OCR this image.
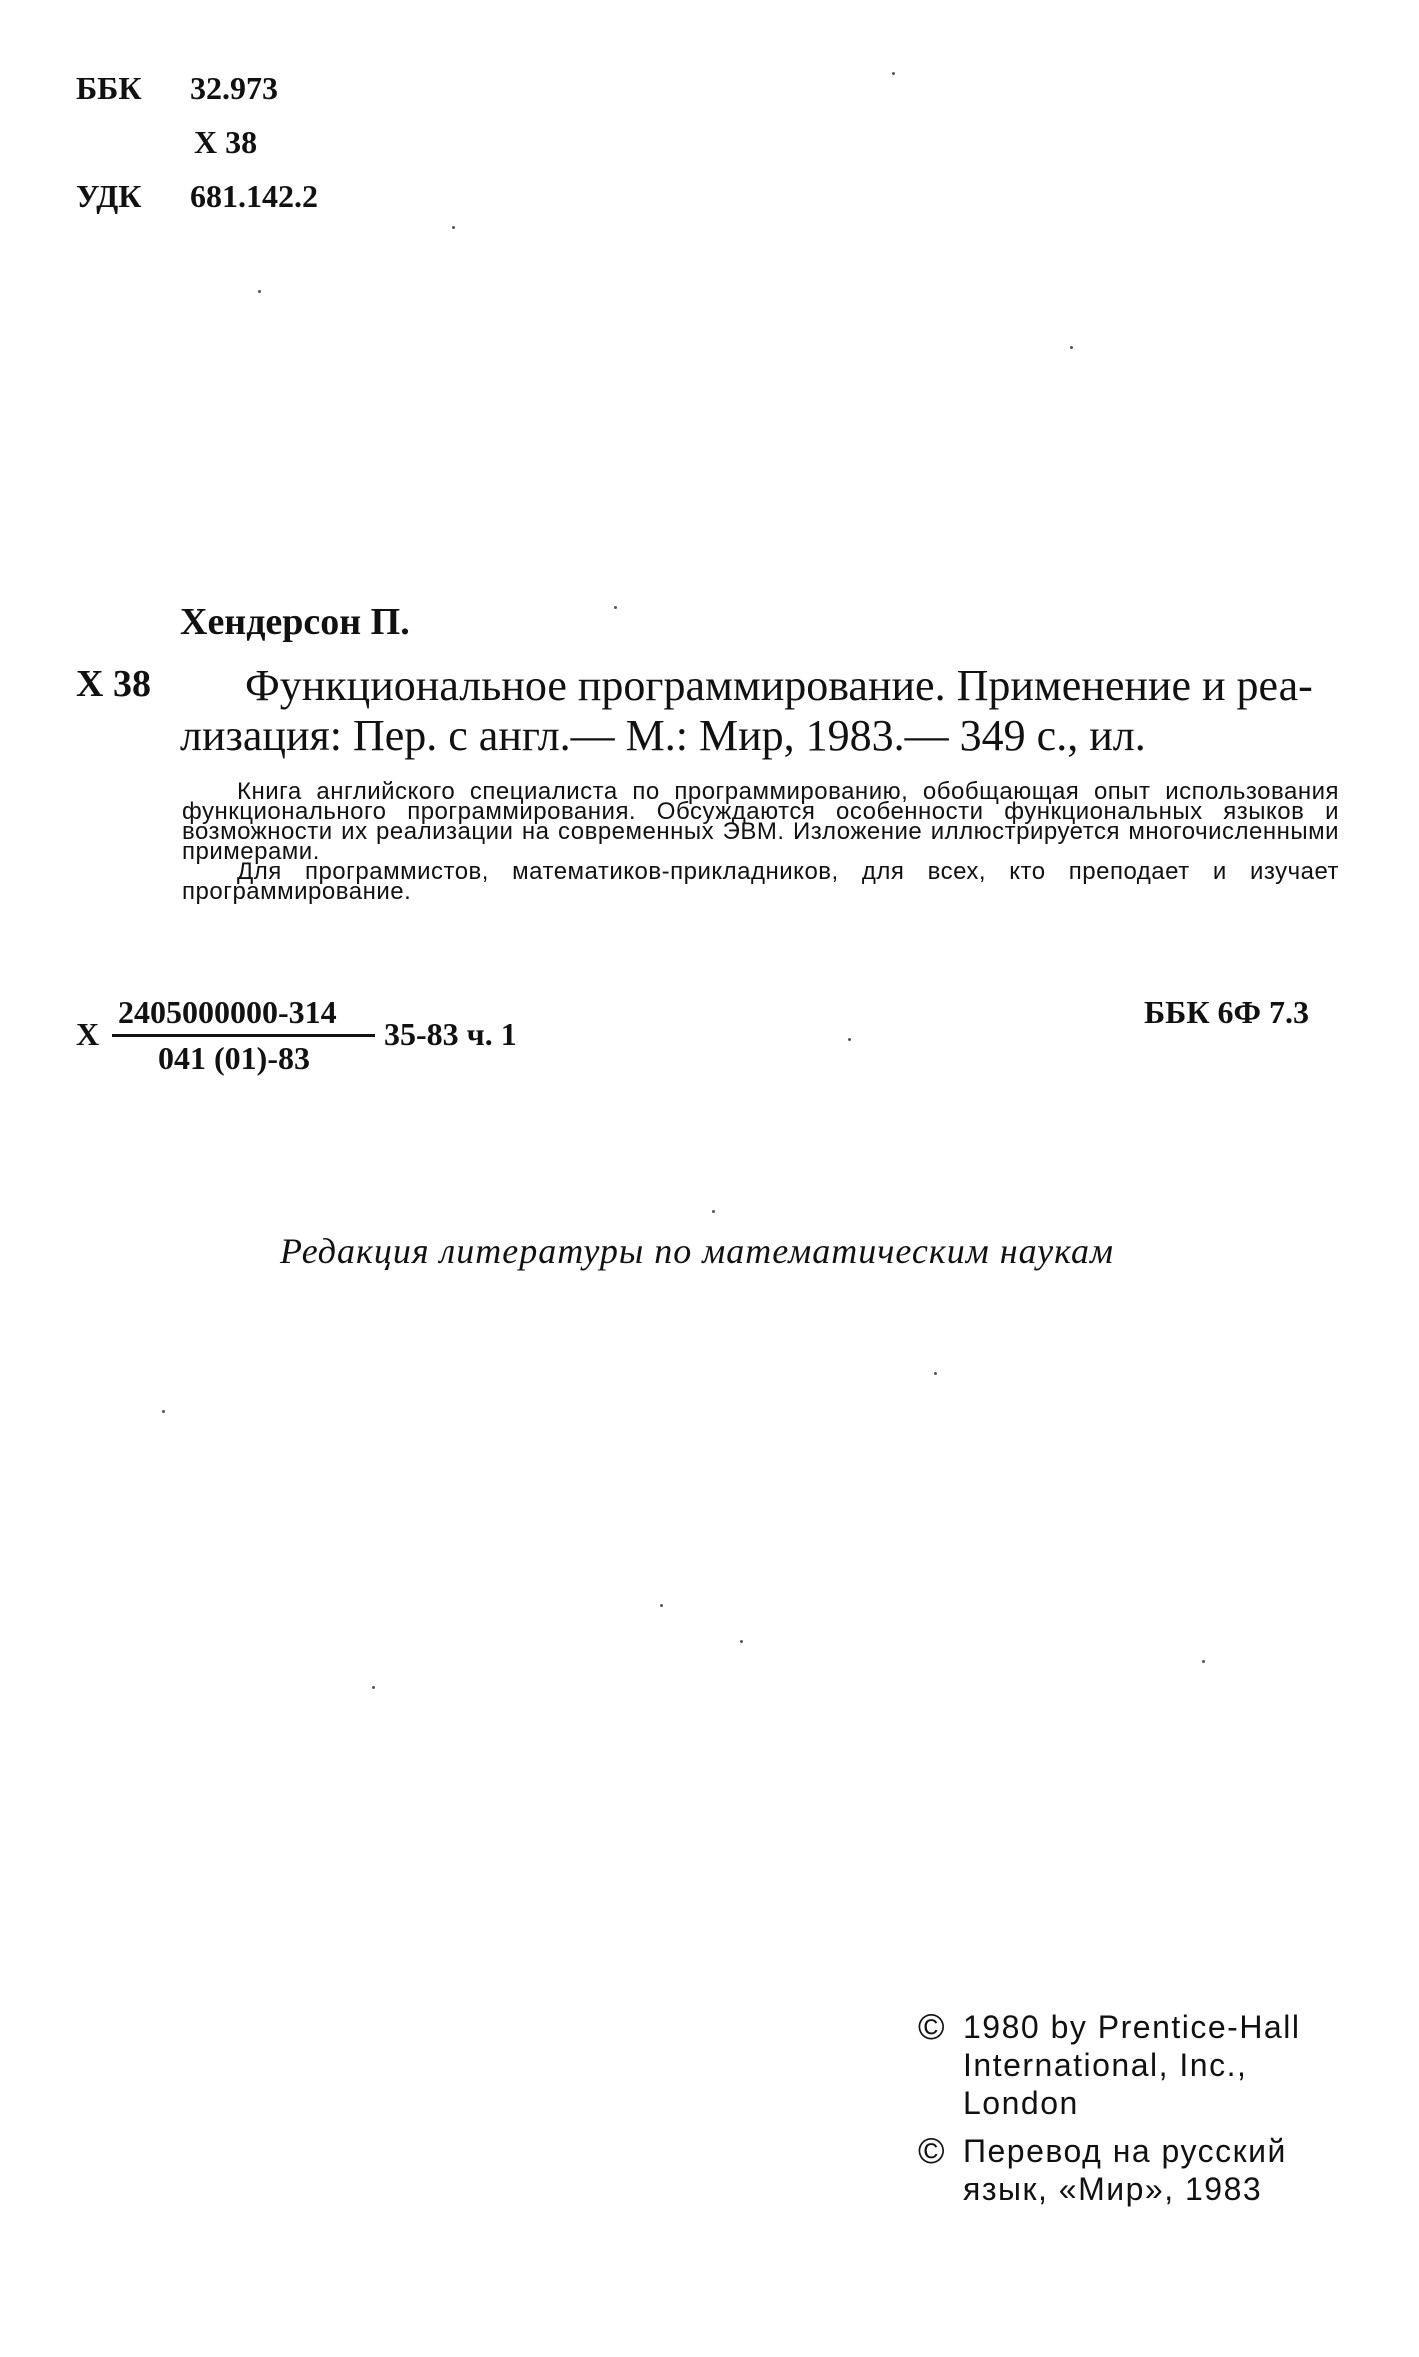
ББК 32.973
Х 38
УДК 681.142.2
Хендерсон П.
Х 38 Функциональное программирование. Применение и реа-
лизация: Пер. с англ.— М.: Мир, 1983.— 349 с., ил.

Книга английского специалиста по программированию, обобщающая опыт использования функционального программирования. Обсуждаются особенности функциональных языков и возможности их реализации на современных ЭВМ. Изложение иллюстрируется многочисленными примерами.

Для программистов, математиков-прикладников, для всех, кто преподает и изучает программирование.

Х
2405000000-314
041 (01)-83
35-83 ч. 1
ББК 6Ф 7.3
Редакция литературы по математическим наукам
© 1980 by Prentice-Hall
International, Inc.,
London
© Перевод на русский
язык, «Мир», 1983
